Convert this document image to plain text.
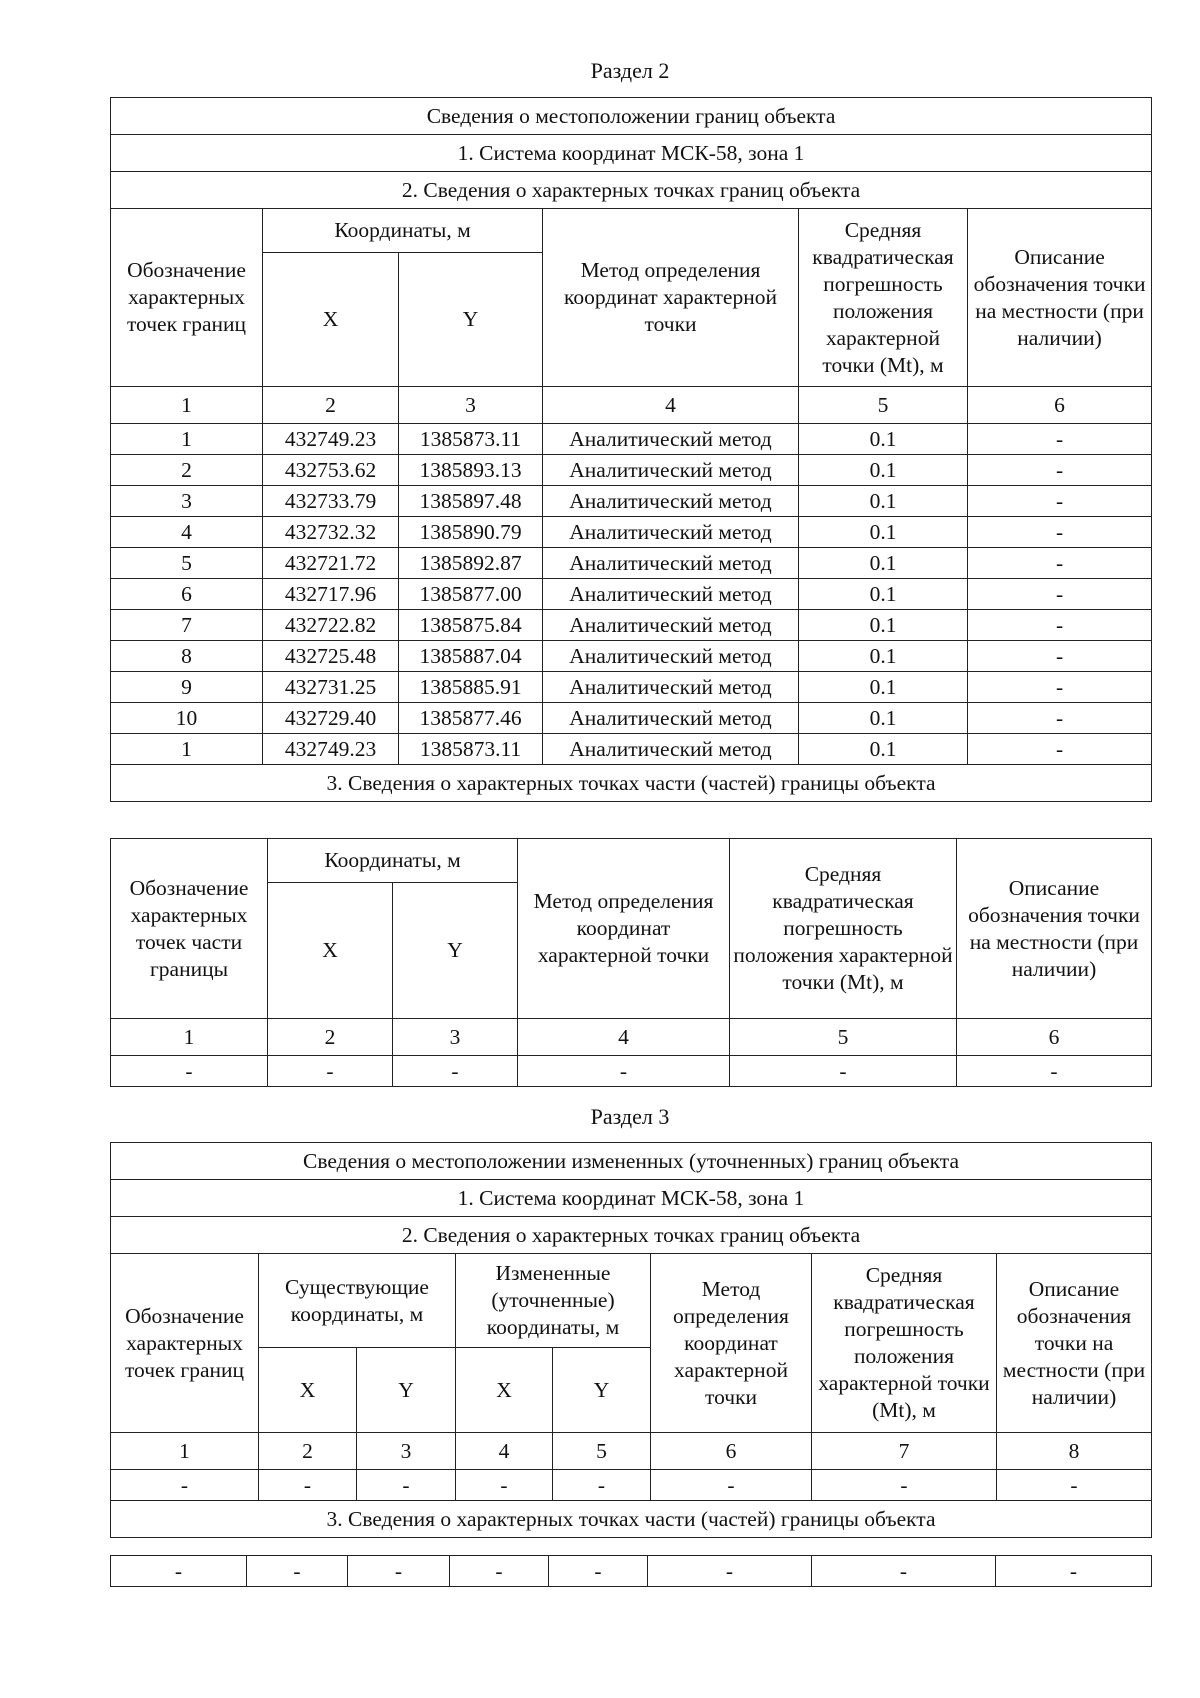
Раздел 2
Сведения о местоположении границ объекта					
1. Система координат МСК-58, зона 1					
2. Сведения о характерных точках границ объекта					
Обозначение характерных точек границ	Координаты, м		Метод определения координат характерной точки	Средняя квадратическая погрешность положения характерной точки (Mt), м	Описание обозначения точки на местности (при наличии)
	X	Y			
1	2	3	4	5	6
1	432749.23	1385873.11	Аналитический метод	0.1	-
2	432753.62	1385893.13	Аналитический метод	0.1	-
3	432733.79	1385897.48	Аналитический метод	0.1	-
4	432732.32	1385890.79	Аналитический метод	0.1	-
5	432721.72	1385892.87	Аналитический метод	0.1	-
6	432717.96	1385877.00	Аналитический метод	0.1	-
7	432722.82	1385875.84	Аналитический метод	0.1	-
8	432725.48	1385887.04	Аналитический метод	0.1	-
9	432731.25	1385885.91	Аналитический метод	0.1	-
10	432729.40	1385877.46	Аналитический метод	0.1	-
1	432749.23	1385873.11	Аналитический метод	0.1	-
3. Сведения о характерных точках части (частей) границы объекта					
Обозначение характерных точек части границы	Координаты, м		Метод определения координат характерной точки	Средняя квадратическая погрешность положения характерной точки (Mt), м	Описание обозначения точки на местности (при наличии)
	X	Y			
1	2	3	4	5	6
-	-	-	-	-	-
Раздел 3
Сведения о местоположении измененных (уточненных) границ объекта							
1. Система координат МСК-58, зона 1							
2. Сведения о характерных точках границ объекта							
Обозначение характерных точек границ	Существующие координаты, м		Измененные (уточненные) координаты, м		Метод определения координат характерной точки	Средняя квадратическая погрешность положения характерной точки (Mt), м	Описание обозначения точки на местности (при наличии)
	X	Y	X	Y			
1	2	3	4	5	6	7	8
-	-	-	-	-	-	-	-
3. Сведения о характерных точках части (частей) границы объекта							
-	-	-	-	-	-	-	-
